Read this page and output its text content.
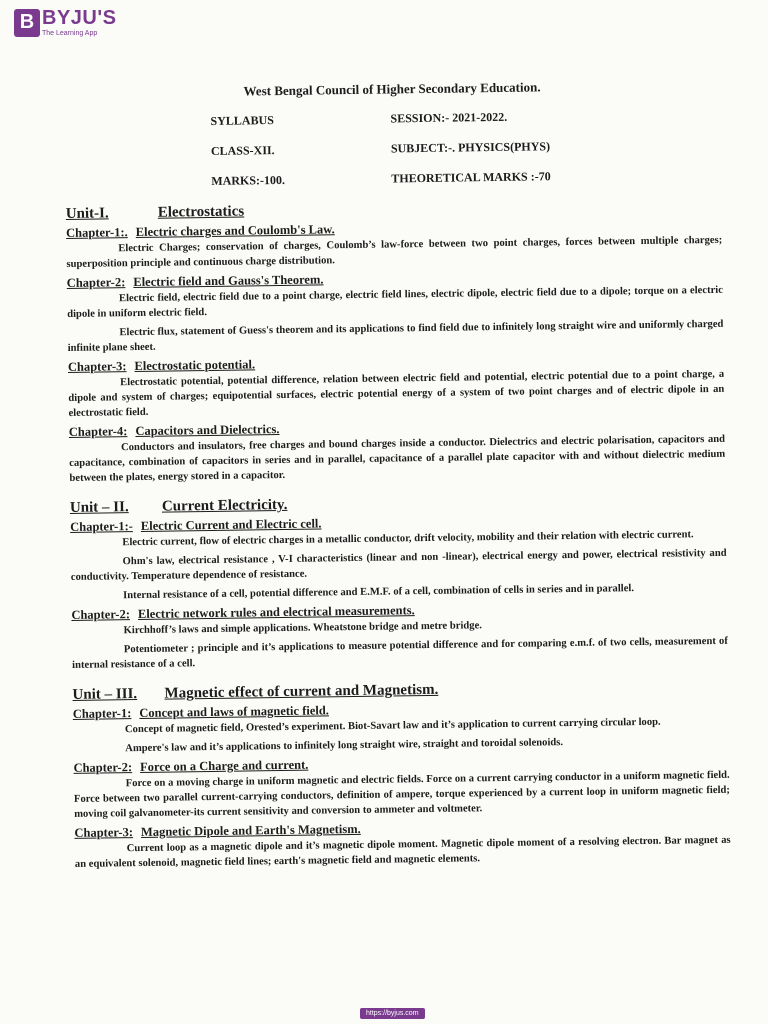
B BYJU'S
The Learning App
West Bengal Council of Higher Secondary Education.
SYLLABUS	SESSION:- 2021-2022.
CLASS-XII.	SUBJECT:-. PHYSICS(PHYS)
MARKS:-100.	THEORETICAL MARKS :-70
Unit-I.	Electrostatics
Chapter-1:. Electric charges and Coulomb's Law.
Electric Charges; conservation of charges, Coulomb’s law-force between two point charges, forces between multiple charges; superposition principle and continuous charge distribution.
Chapter-2: Electric field and Gauss's Theorem.
Electric field, electric field due to a point charge, electric field lines, electric dipole, electric field due to a dipole; torque on a electric dipole in uniform electric field.
Electric flux, statement of Guess's theorem and its applications to find field due to infinitely long straight wire and uniformly charged infinite plane sheet.
Chapter-3: Electrostatic potential.
Electrostatic potential, potential difference, relation between electric field and potential, electric potential due to a point charge, a dipole and system of charges; equipotential surfaces, electric potential energy of a system of two point charges and of electric dipole in an electrostatic field.
Chapter-4: Capacitors and Dielectrics.
Conductors and insulators, free charges and bound charges inside a conductor. Dielectrics and electric polarisation, capacitors and capacitance, combination of capacitors in series and in parallel, capacitance of a parallel plate capacitor with and without dielectric medium between the plates, energy stored in a capacitor.
Unit – II.	Current Electricity.
Chapter-1:- Electric Current and Electric cell.
Electric current, flow of electric charges in a metallic conductor, drift velocity, mobility and their relation with electric current.
Ohm's law, electrical resistance , V-I characteristics (linear and non -linear), electrical energy and power, electrical resistivity and conductivity. Temperature dependence of resistance.
Internal resistance of a cell, potential difference and E.M.F. of a cell, combination of cells in series and in parallel.
Chapter-2: Electric network rules and electrical measurements.
Kirchhoff’s laws and simple applications. Wheatstone bridge and metre bridge.
Potentiometer ; principle and it’s applications to measure potential difference and for comparing e.m.f. of two cells, measurement of internal resistance of a cell.
Unit – III.	Magnetic effect of current and Magnetism.
Chapter-1: Concept and laws of magnetic field.
Concept of magnetic field, Orested’s experiment. Biot-Savart law and it’s application to current carrying circular loop.
Ampere's law and it’s applications to infinitely long straight wire, straight and toroidal solenoids.
Chapter-2: Force on a Charge and current.
Force on a moving charge in uniform magnetic and electric fields. Force on a current carrying conductor in a uniform magnetic field. Force between two parallel current-carrying conductors, definition of ampere, torque experienced by a current loop in uniform magnetic field; moving coil galvanometer-its current sensitivity and conversion to ammeter and voltmeter.
Chapter-3: Magnetic Dipole and Earth's Magnetism.
Current loop as a magnetic dipole and it’s magnetic dipole moment. Magnetic dipole moment of a resolving electron. Bar magnet as an equivalent solenoid, magnetic field lines; earth's magnetic field and magnetic elements.
https://byjus.com
